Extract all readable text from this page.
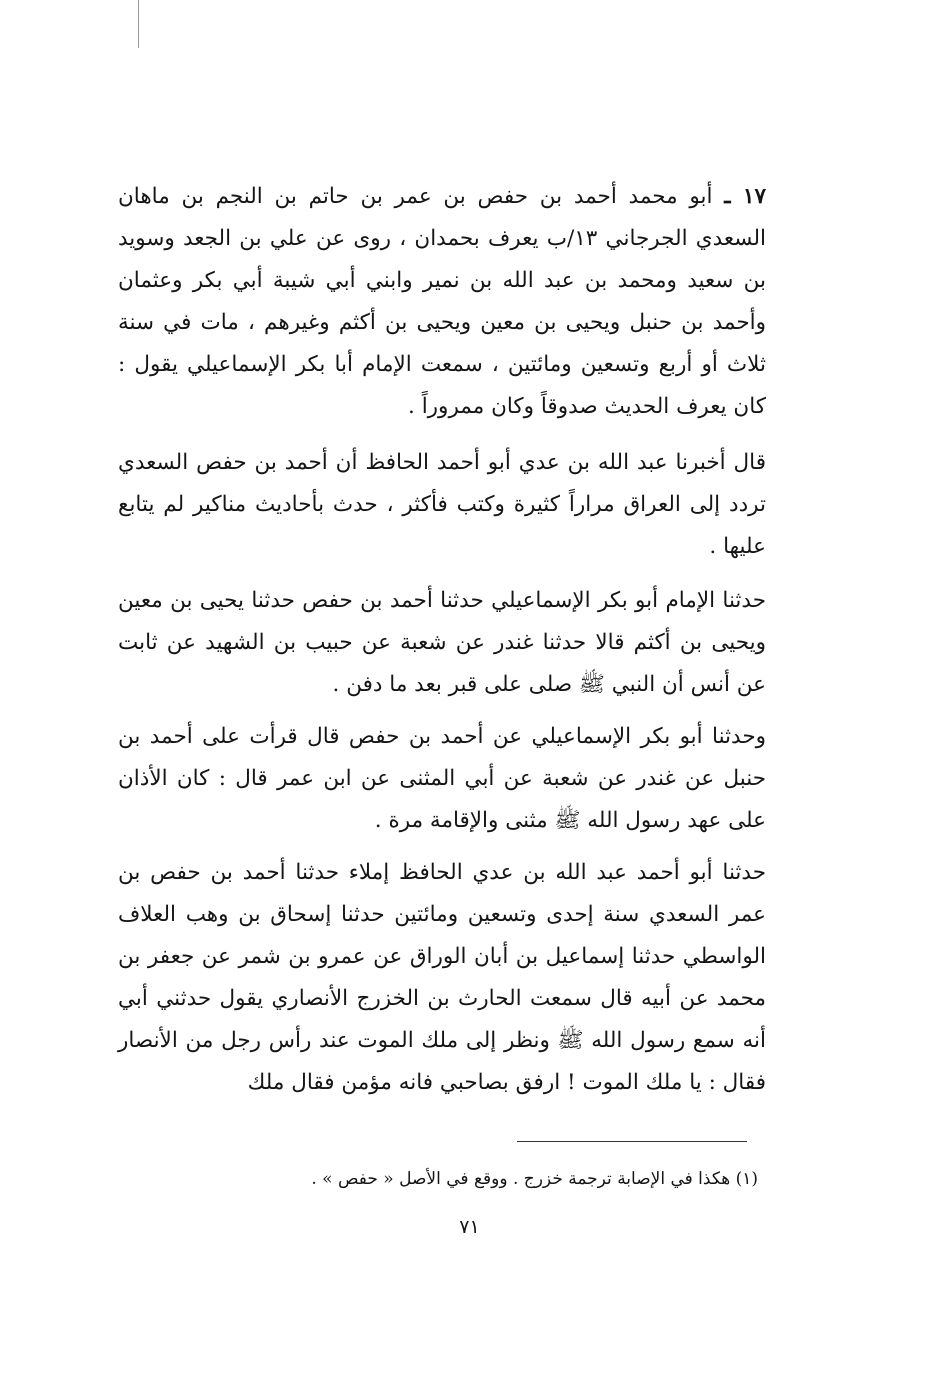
١٧ ـ أبو محمد أحمد بن حفص بن عمر بن حاتم بن النجم بن ماهان السعدي الجرجاني ١٣/ب يعرف بحمدان ، روى عن علي بن الجعد وسويد بن سعيد ومحمد بن عبد الله بن نمير وابني أبي شيبة أبي بكر وعثمان وأحمد بن حنبل ويحيى بن معين ويحيى بن أكثم وغيرهم ، مات في سنة ثلاث أو أربع وتسعين ومائتين ، سمعت الإمام أبا بكر الإسماعيلي يقول : كان يعرف الحديث صدوقاً وكان ممروراً .

قال أخبرنا عبد الله بن عدي أبو أحمد الحافظ أن أحمد بن حفص السعدي تردد إلى العراق مراراً كثيرة وكتب فأكثر ، حدث بأحاديث مناكير لم يتابع عليها .

حدثنا الإمام أبو بكر الإسماعيلي حدثنا أحمد بن حفص حدثنا يحيى بن معين ويحيى بن أكثم قالا حدثنا غندر عن شعبة عن حبيب بن الشهيد عن ثابت عن أنس أن النبي ﷺ صلى على قبر بعد ما دفن .

وحدثنا أبو بكر الإسماعيلي عن أحمد بن حفص قال قرأت على أحمد بن حنبل عن غندر عن شعبة عن أبي المثنى عن ابن عمر قال : كان الأذان على عهد رسول الله ﷺ مثنى والإقامة مرة .

حدثنا أبو أحمد عبد الله بن عدي الحافظ إملاء حدثنا أحمد بن حفص بن عمر السعدي سنة إحدى وتسعين ومائتين حدثنا إسحاق بن وهب العلاف الواسطي حدثنا إسماعيل بن أبان الوراق عن عمرو بن شمر عن جعفر بن محمد عن أبيه قال سمعت الحارث بن الخزرج الأنصاري يقول حدثني أبي أنه سمع رسول الله ﷺ ونظر إلى ملك الموت عند رأس رجل من الأنصار فقال : يا ملك الموت ! ارفق بصاحبي فانه مؤمن فقال ملك

(١) هكذا في الإصابة ترجمة خزرج . ووقع في الأصل « حفص » .
٧١
